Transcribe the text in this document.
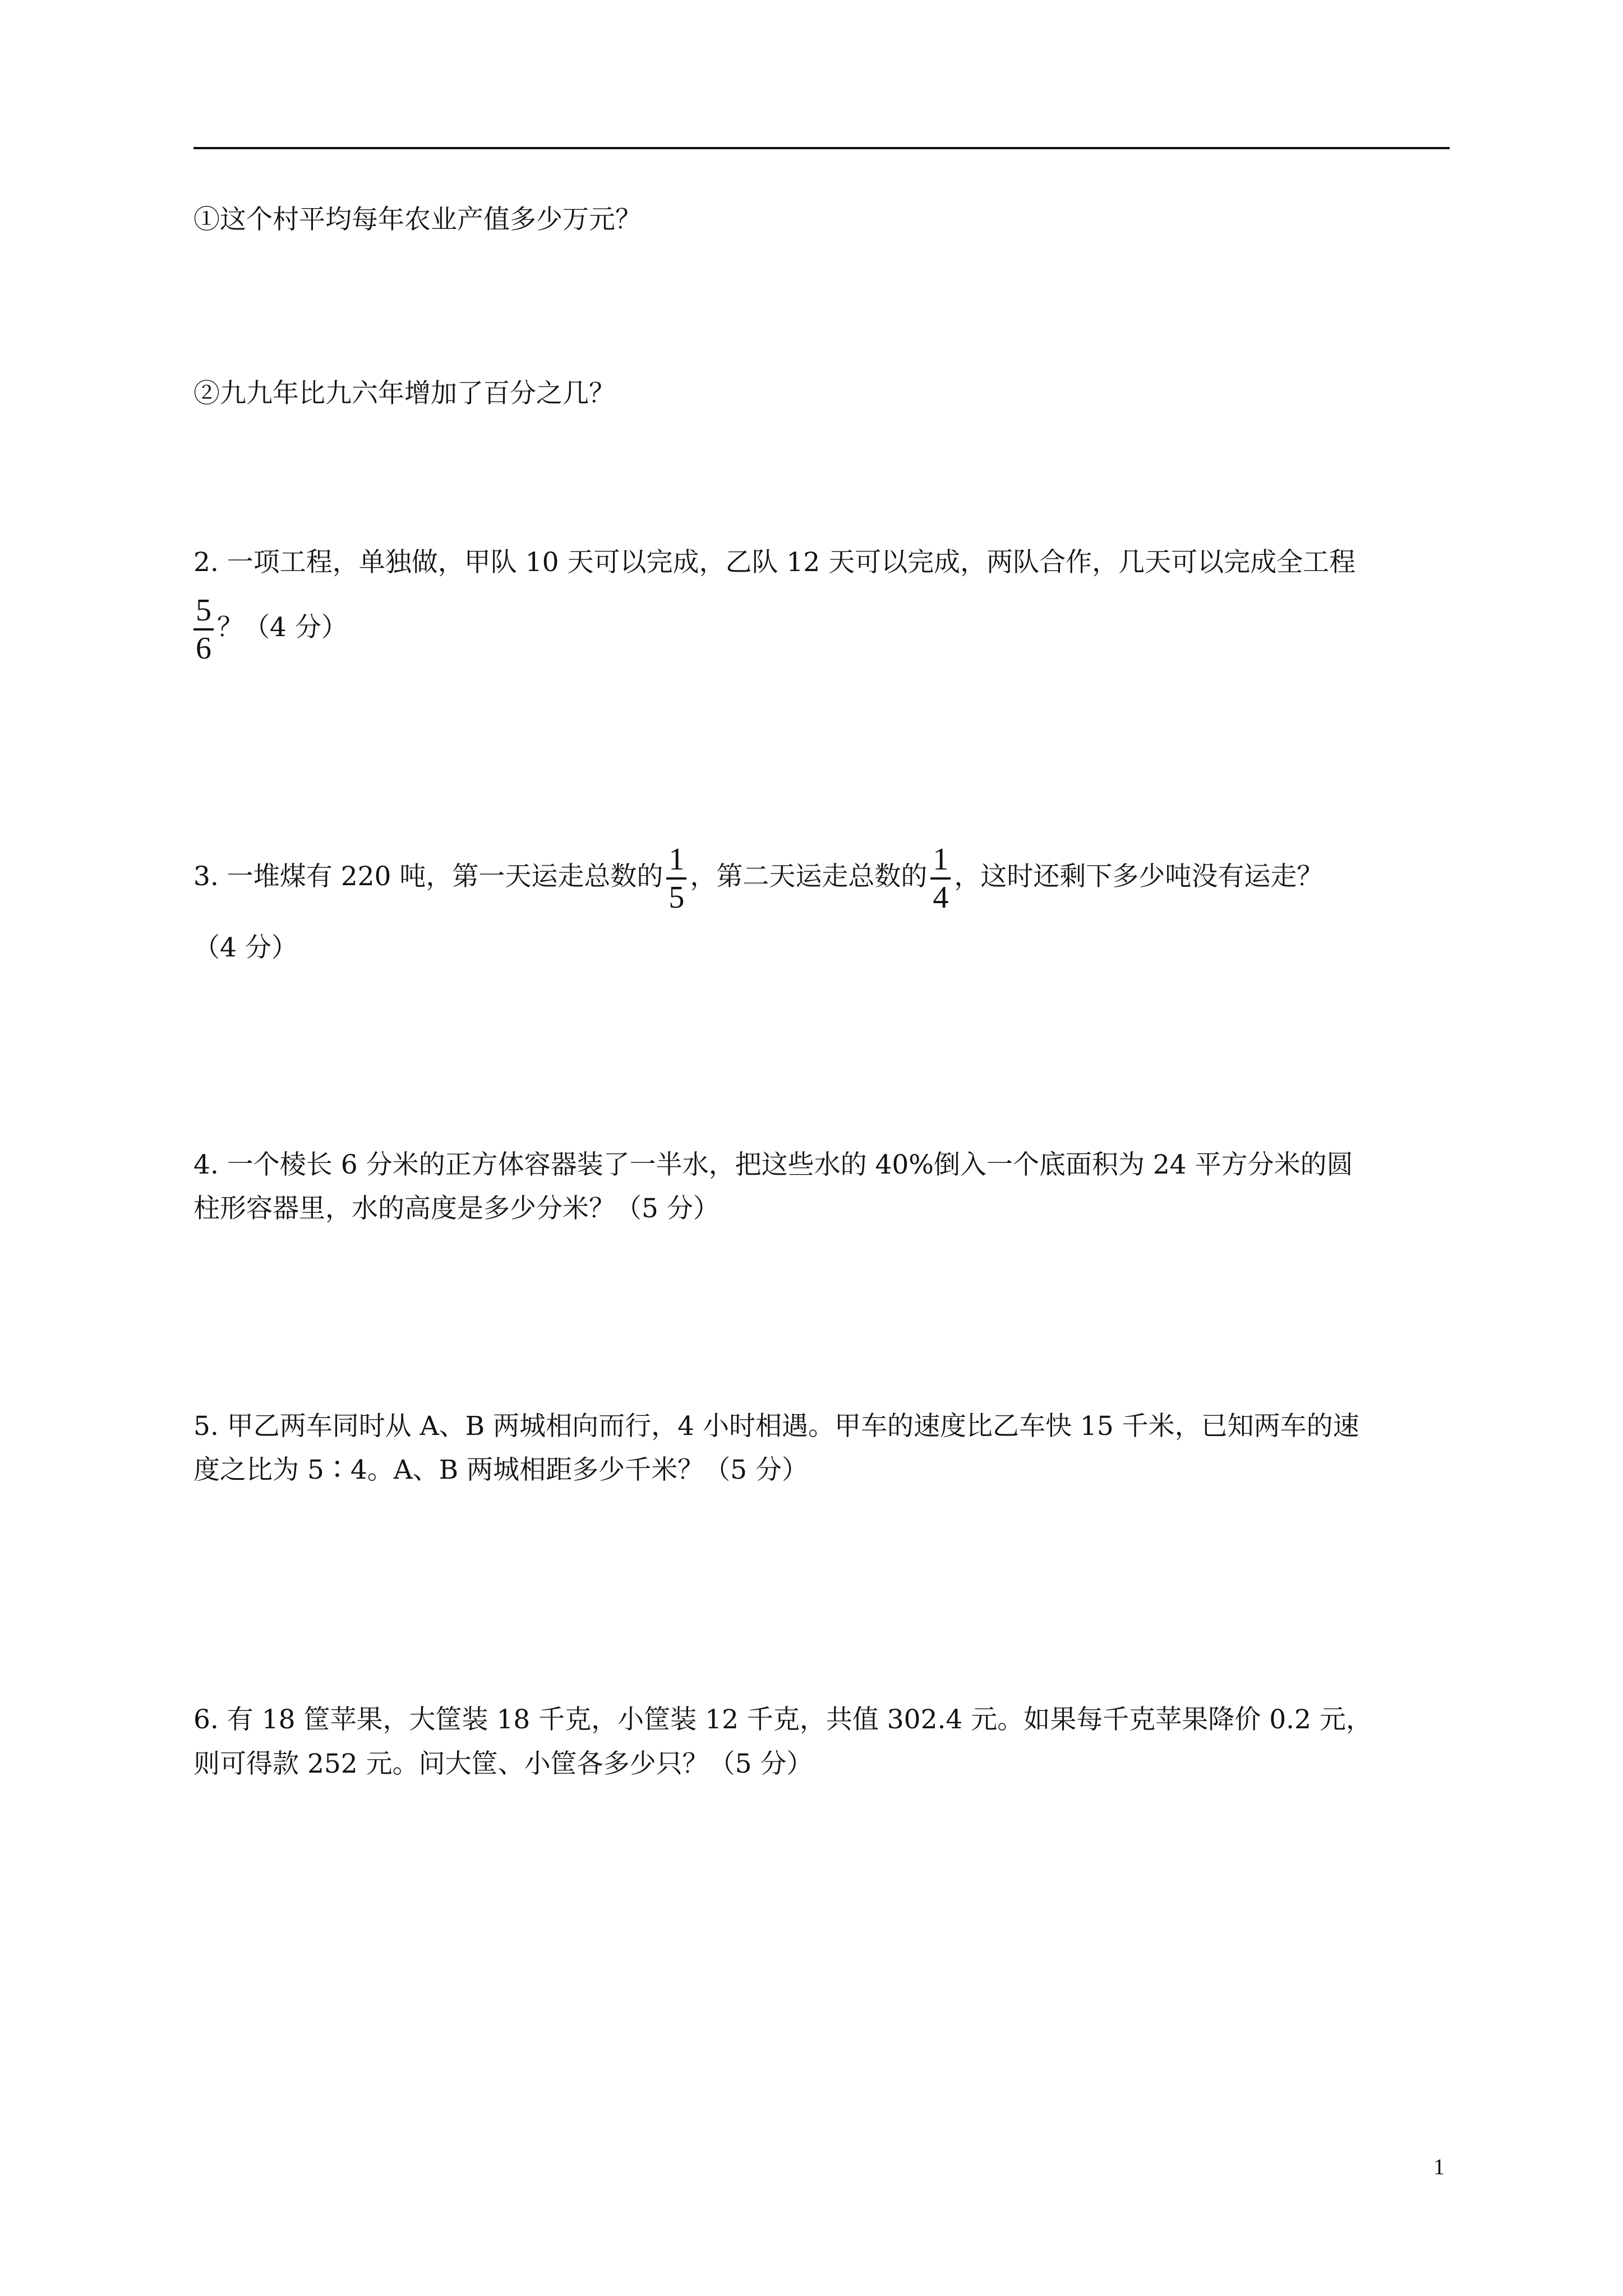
①这个村平均每年农业产值多少万元？
②九九年比九六年增加了百分之几？
2. 一项工程，单独做，甲队 10 天可以完成，乙队 12 天可以完成，两队合作，几天可以完成全工程
$\frac{5}{6}$ ？（4 分）
3. 一堆煤有 220 吨，第一天运走总数的 $\frac{1}{5}$ ，第二天运走总数的 $\frac{1}{4}$ ，这时还剩下多少吨没有运走？
（4 分）
4. 一个棱长 6 分米的正方体容器装了一半水，把这些水的 40%倒入一个底面积为 24 平方分米的圆
柱形容器里，水的高度是多少分米？（5 分）
5. 甲乙两车同时从 A、B 两城相向而行，4 小时相遇。甲车的速度比乙车快 15 千米，已知两车的速
度之比为 5∶4。A、B 两城相距多少千米？（5 分）
6. 有 18 筐苹果，大筐装 18 千克，小筐装 12 千克，共值 302.4 元。如果每千克苹果降价 0.2 元，
则可得款 252 元。问大筐、小筐各多少只？（5 分）
1
